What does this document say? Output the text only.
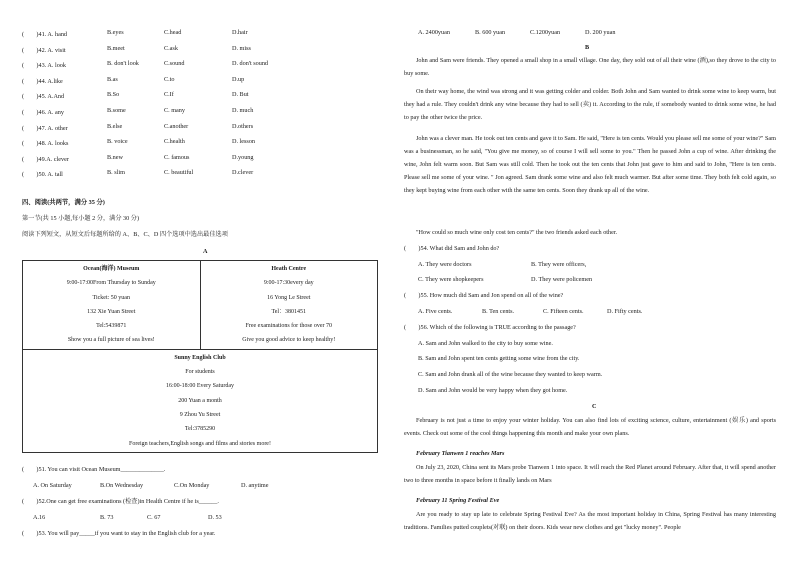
(　　)41. A. hand	B.eyes	C.head	D.hair
(　　)42. A. visit	B.meet	C.ask	D. miss
(　　)43. A. look	B. don't look	C.sound	D. don't sound
(　　)44. A.like	B.as	C.to	D.up
(　　)45. A.And	B.So	C.If	D. But
(　　)46. A. any	B.some	C. many	D. much
(　　)47. A. other	B.else	C.another	D.others
(　　)48. A. looks	B. voice	C.health	D. lesson
(　　)49.A. clever	B.new	C. famous	D.young
(　　)50. A. tall	B. slim	C. beautiful	D.clever
四、阅读(共两节，满分 35 分)
第一节(共 15 小题,每小题 2 分，满分 30 分)
阅读下列短文，从短文后每题所给的 A、B、C、D 四个选项中选出最佳选项
A
Ocean(海洋) Museum
9:00-17:00From Thursday to Sunday
Ticket: 50 yuan
132 Xie Yuan Street
Tel:5439871
Show you a full picture of sea lives!

Heath Centre
9:00-17:30every day
16 Yong Le Street
Tel：3801451
Free examinations for those over 70
Give you good advice to keep healthy!

Sunny English Club
For students
16:00-18:00 Every Saturday
200 Yuan a month
9 Zhou Yu Street
Tel:3785290
Foreign teachers,English songs and films and stories more!
(　　)51. You can visit Ocean Museum______________.
A. On Saturday	B.On Wednesday	C.On Monday	D. anytime
(　　)52.One can get free examinations (检查)in Health Centre if he is______.
A.16	B. 73	C. 67	D. 53
(　　)53. You will pay_____if you want to stay in the English club for a year.
A. 2400yuan	B. 600 yuan	C.1200yuan	D. 200 yuan
B
John and Sam were friends. They opened a small shop in a small village. One day, they sold out of all their wine (酒),so they drove to the city to buy some.
On their way home, the wind was strong and it was getting colder and colder. Both John and Sam wanted to drink some wine to keep warm, but they had a rule. They couldn't drink any wine because they had to sell (卖) it. According to the rule, if somebody wanted to drink some wine, he had to pay the other twice the price.
John was a clever man. He took out ten cents and gave it to Sam. He said, "Here is ten cents. Would you please sell me some of your wine?" Sam was a businessman, so he said, "You give me money, so of course I will sell some to you." Then he passed John a cup of wine. After drinking the wine, John felt warm soon. But Sam was still cold. Then he took out the ten cents that John just gave to him and said to John, "Here is ten cents. Please sell me some of your wine. " Jon agreed. Sam drank some wine and also felt much warmer. But after some time. They both felt cold again, so they kept buying wine from each other with the same ten cents. Soon they drank up all of the wine.
"How could so much wine only cost ten cents?" the two friends asked each other.
(　　)54. What did Sam and John do?
A. They were doctors	B. They were officers,
C. They were shopkeepers	D. They were policemen
(　　)55. How much did Sam and Jon spend on all of the wine?
A. Five cents.	B. Ten cents.	C. Fifteen cents.	D. Fifty cents.
(　　)56. Which of the following is TRUE according to the passage?
A. Sam and John walked to the city to buy some wine.
B. Sam and John spent ten cents getting some wine from the city.
C. Sam and John drank all of the wine because they wanted to keep warm.
D. Sam and John would be very happy when they got home.
C
February is not just a time to enjoy your winter holiday. You can also find lots of exciting science, culture, entertainment (娱乐) and sports events. Check out some of the cool things happening this month and make your own plans.
February Tianwen 1 reaches Mars
On July 23, 2020, China sent its Mars probe Tianwen 1 into space. It will reach the Red Planet around February. After that, it will spend another two to three months in space before it finally lands on Mars
February 11 Spring Festival Eve
Are you ready to stay up late to celebrate Spring Festival Eve? As the most important holiday in China, Spring Festival has many interesting traditions. Families putted couplets(对联) on their doors. Kids wear new clothes and get "lucky money". People
